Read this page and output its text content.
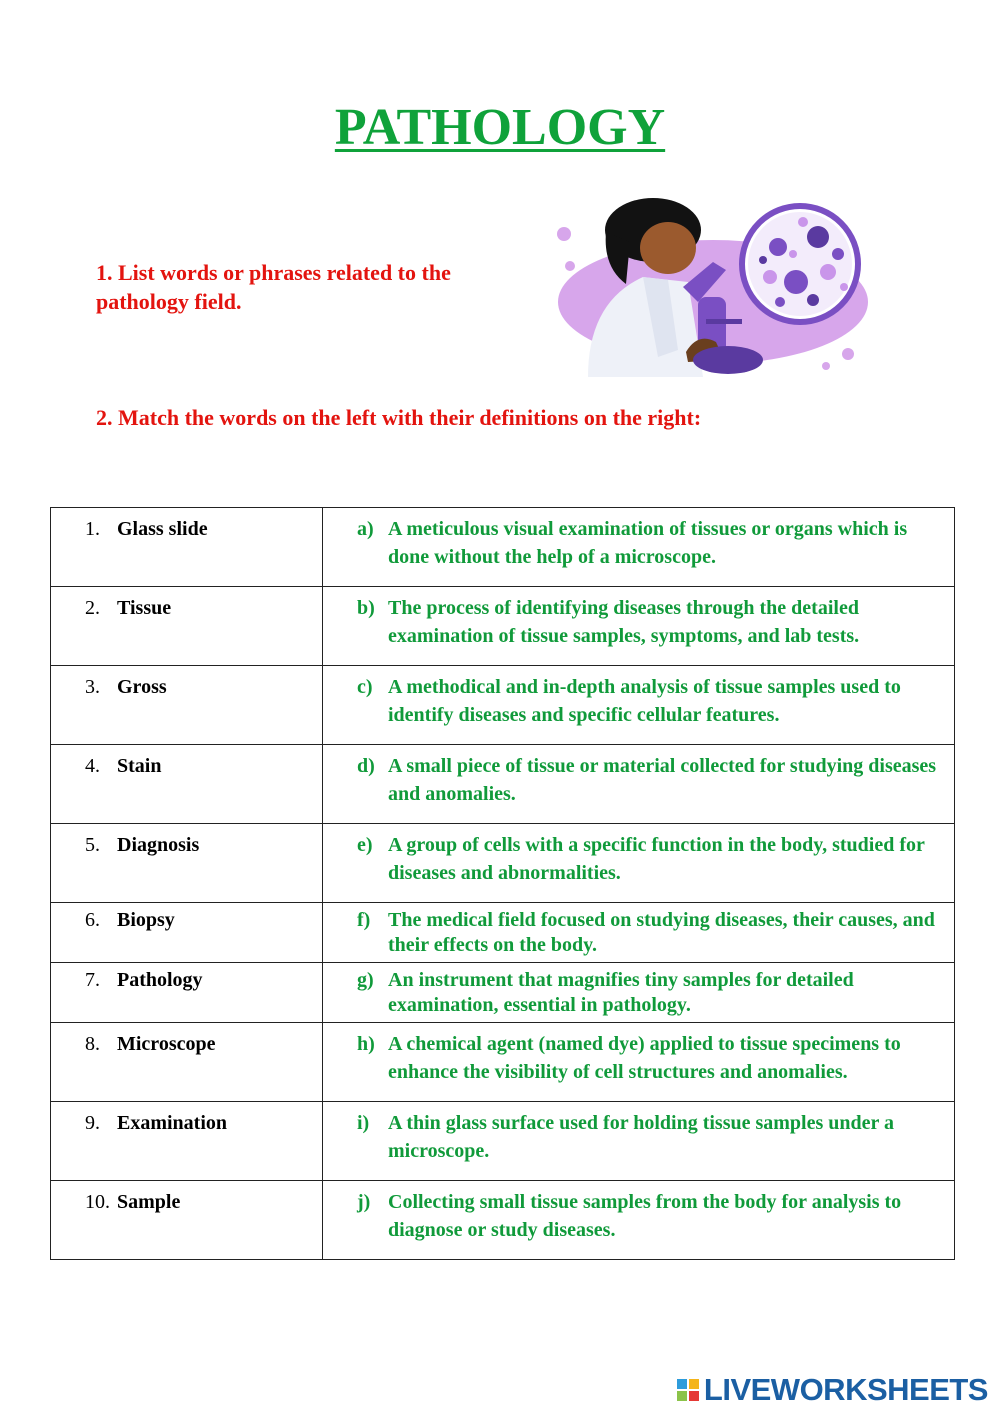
PATHOLOGY
1. List words or phrases related to the pathology field.
2. Match the words on the left with their definitions on the right:
1. Glass slide	a) A meticulous visual examination of tissues or organs which is done without the help of a microscope.

2. Tissue	b) The process of identifying diseases through the detailed examination of tissue samples, symptoms, and lab tests.

3. Gross	c) A methodical and in-depth analysis of tissue samples used to identify diseases and specific cellular features.

4. Stain	d) A small piece of tissue or material collected for studying diseases and anomalies.

5. Diagnosis	e) A group of cells with a specific function in the body, studied for diseases and abnormalities.

6. Biopsy	f) The medical field focused on studying diseases, their causes, and their effects on the body.

7. Pathology	g) An instrument that magnifies tiny samples for detailed examination, essential in pathology.

8. Microscope	h) A chemical agent (named dye) applied to tissue specimens to enhance the visibility of cell structures and anomalies.

9. Examination	i) A thin glass surface used for holding tissue samples under a microscope.

10. Sample	j) Collecting small tissue samples from the body for analysis to diagnose or study diseases.
LIVEWORKSHEETS
